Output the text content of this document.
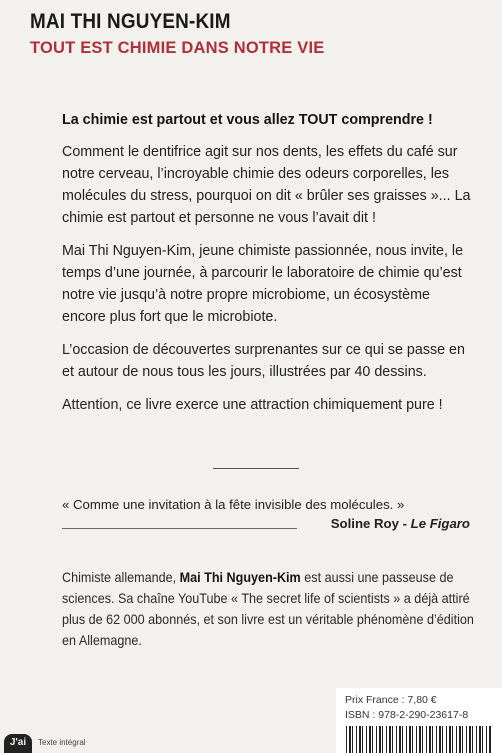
MAI THI NGUYEN-KIM
TOUT EST CHIMIE DANS NOTRE VIE

La chimie est partout et vous allez TOUT comprendre !

Comment le dentifrice agit sur nos dents, les effets du café sur notre cerveau, l’incroyable chimie des odeurs corporelles, les molécules du stress, pourquoi on dit « brûler ses graisses »... La chimie est partout et personne ne vous l’avait dit !

Mai Thi Nguyen-Kim, jeune chimiste passionnée, nous invite, le temps d’une journée, à parcourir le laboratoire de chimie qu’est notre vie jusqu’à notre propre microbiome, un écosystème encore plus fort que le microbiote.

L’occasion de découvertes surprenantes sur ce qui se passe en et autour de nous tous les jours, illustrées par 40 dessins.

Attention, ce livre exerce une attraction chimiquement pure !

« Comme une invitation à la fête invisible des molécules. »

Soline Roy - Le Figaro
Chimiste allemande, Mai Thi Nguyen-Kim est aussi une passeuse de sciences. Sa chaîne YouTube « The secret life of scientists » a déjà attiré plus de 62 000 abonnés, et son livre est un véritable phénomène d’édition en Allemagne.

Prix France : 7,80 €

ISBN : 978-2-290-23617-8

J'ai	Texte intégral
